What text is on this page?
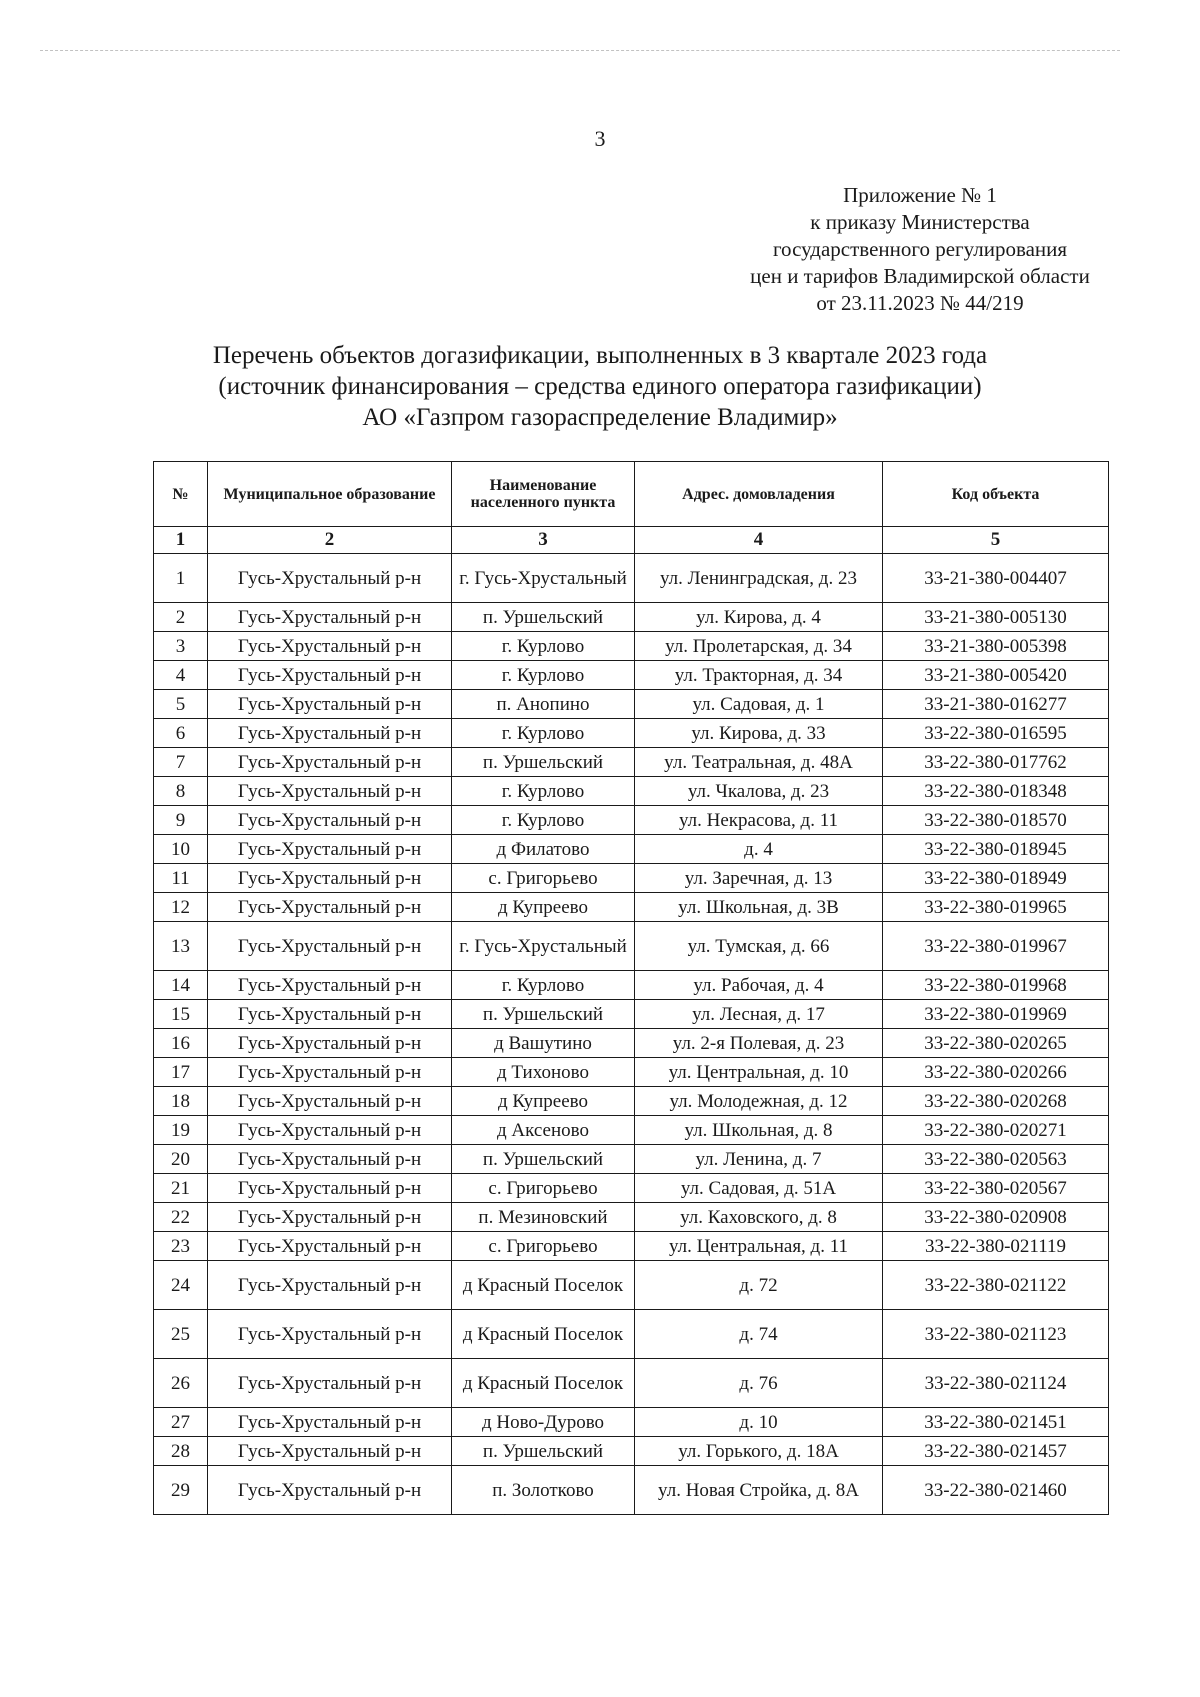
3
Приложение № 1
к приказу Министерства
государственного регулирования
цен и тарифов Владимирской области
от 23.11.2023 № 44/219
Перечень объектов догазификации, выполненных в 3 квартале 2023 года
(источник финансирования – средства единого оператора газификации)
АО «Газпром газораспределение Владимир»
№	Муниципальное образование	Наименование населенного пункта	Адрес. домовладения	Код объекта
1	2	3	4	5
1	Гусь-Хрустальный р-н	г. Гусь-Хрустальный	ул. Ленинградская, д. 23	33-21-380-004407
2	Гусь-Хрустальный р-н	п. Уршельский	ул. Кирова, д. 4	33-21-380-005130
3	Гусь-Хрустальный р-н	г. Курлово	ул. Пролетарская, д. 34	33-21-380-005398
4	Гусь-Хрустальный р-н	г. Курлово	ул. Тракторная, д. 34	33-21-380-005420
5	Гусь-Хрустальный р-н	п. Анопино	ул. Садовая, д. 1	33-21-380-016277
6	Гусь-Хрустальный р-н	г. Курлово	ул. Кирова, д. 33	33-22-380-016595
7	Гусь-Хрустальный р-н	п. Уршельский	ул. Театральная, д. 48А	33-22-380-017762
8	Гусь-Хрустальный р-н	г. Курлово	ул. Чкалова, д. 23	33-22-380-018348
9	Гусь-Хрустальный р-н	г. Курлово	ул. Некрасова, д. 11	33-22-380-018570
10	Гусь-Хрустальный р-н	д Филатово	д. 4	33-22-380-018945
11	Гусь-Хрустальный р-н	с. Григорьево	ул. Заречная, д. 13	33-22-380-018949
12	Гусь-Хрустальный р-н	д Купреево	ул. Школьная, д. 3В	33-22-380-019965
13	Гусь-Хрустальный р-н	г. Гусь-Хрустальный	ул. Тумская, д. 66	33-22-380-019967
14	Гусь-Хрустальный р-н	г. Курлово	ул. Рабочая, д. 4	33-22-380-019968
15	Гусь-Хрустальный р-н	п. Уршельский	ул. Лесная, д. 17	33-22-380-019969
16	Гусь-Хрустальный р-н	д Вашутино	ул. 2-я Полевая, д. 23	33-22-380-020265
17	Гусь-Хрустальный р-н	д Тихоново	ул. Центральная, д. 10	33-22-380-020266
18	Гусь-Хрустальный р-н	д Купреево	ул. Молодежная, д. 12	33-22-380-020268
19	Гусь-Хрустальный р-н	д Аксеново	ул. Школьная, д. 8	33-22-380-020271
20	Гусь-Хрустальный р-н	п. Уршельский	ул. Ленина, д. 7	33-22-380-020563
21	Гусь-Хрустальный р-н	с. Григорьево	ул. Садовая, д. 51А	33-22-380-020567
22	Гусь-Хрустальный р-н	п. Мезиновский	ул. Каховского, д. 8	33-22-380-020908
23	Гусь-Хрустальный р-н	с. Григорьево	ул. Центральная, д. 11	33-22-380-021119
24	Гусь-Хрустальный р-н	д Красный Поселок	д. 72	33-22-380-021122
25	Гусь-Хрустальный р-н	д Красный Поселок	д. 74	33-22-380-021123
26	Гусь-Хрустальный р-н	д Красный Поселок	д. 76	33-22-380-021124
27	Гусь-Хрустальный р-н	д Ново-Дурово	д. 10	33-22-380-021451
28	Гусь-Хрустальный р-н	п. Уршельский	ул. Горького, д. 18А	33-22-380-021457
29	Гусь-Хрустальный р-н	п. Золотково	ул. Новая Стройка, д. 8А	33-22-380-021460
